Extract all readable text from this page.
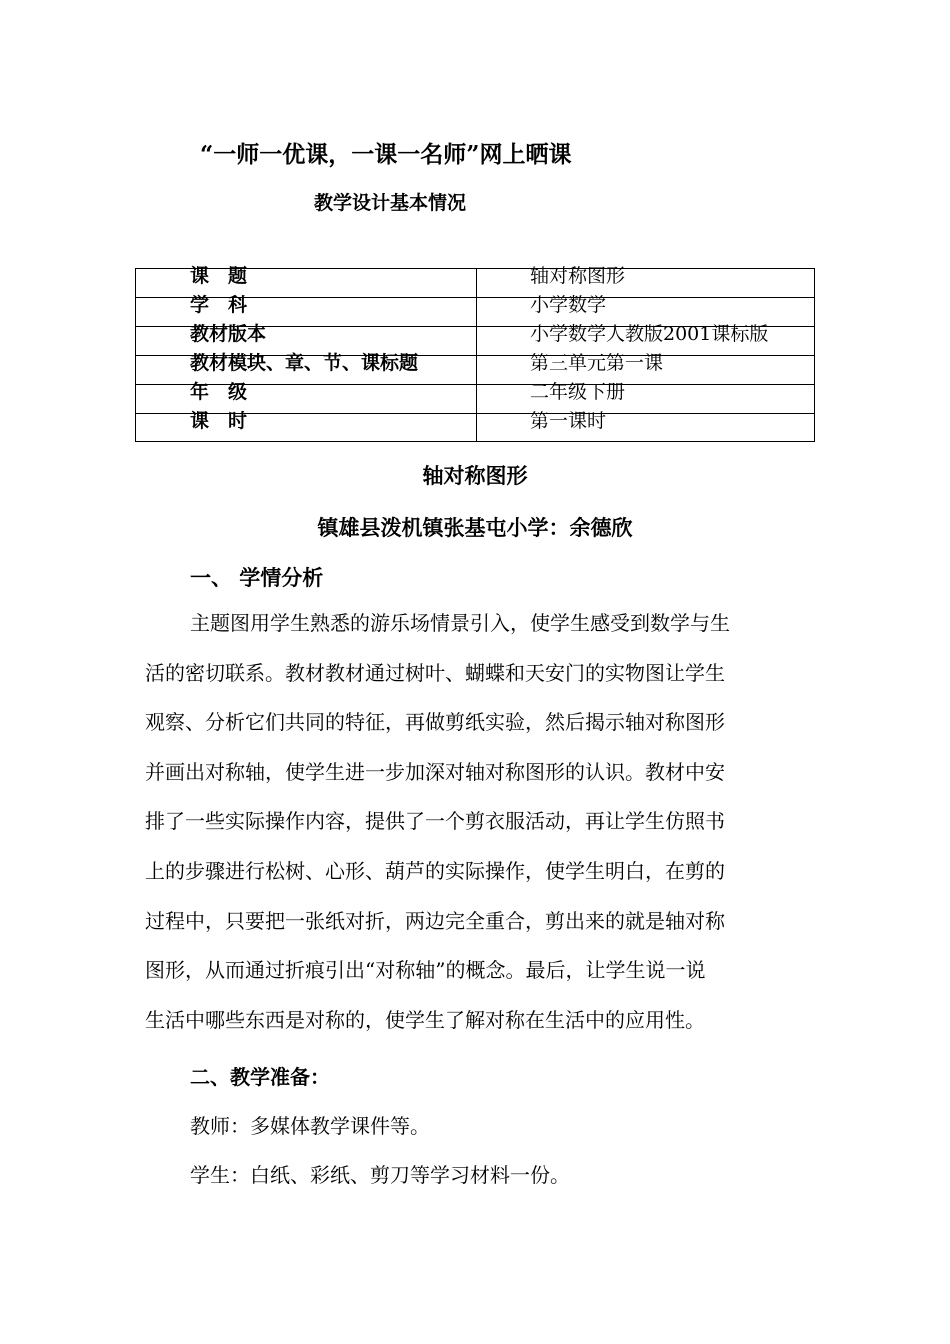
“一师一优课，一课一名师”网上晒课
教学设计基本情况
课　题	轴对称图形
学　科	小学数学
教材版本	小学数学人教版2001课标版
教材模块、章、节、课标题	第三单元第一课
年　级	二年级下册
课　时	第一课时
轴对称图形
镇雄县泼机镇张基屯小学：余德欣
一、 学情分析
主题图用学生熟悉的游乐场情景引入，使学生感受到数学与生
活的密切联系。教材教材通过树叶、蝴蝶和天安门的实物图让学生
观察、分析它们共同的特征，再做剪纸实验，然后揭示轴对称图形
并画出对称轴，使学生进一步加深对轴对称图形的认识。教材中安
排了一些实际操作内容，提供了一个剪衣服活动，再让学生仿照书
上的步骤进行松树、心形、葫芦的实际操作，使学生明白，在剪的
过程中，只要把一张纸对折，两边完全重合，剪出来的就是轴对称
图形，从而通过折痕引出“对称轴”的概念。最后，让学生说一说
生活中哪些东西是对称的，使学生了解对称在生活中的应用性。
二、教学准备：
教师：多媒体教学课件等。
学生：白纸、彩纸、剪刀等学习材料一份。
